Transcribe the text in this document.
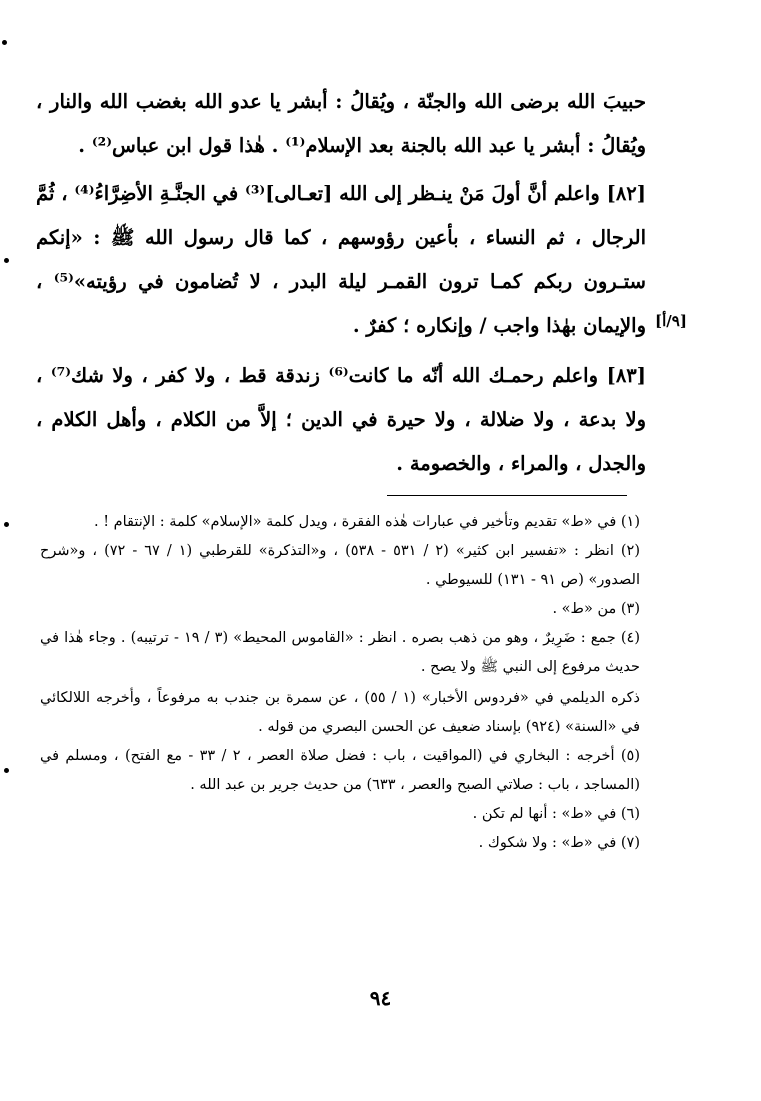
حبيبَ الله برضى الله والجنّة ، ويُقالُ : أبشر يا عدو الله بغضب الله والنار ، ويُقالُ : أبشر يا عبد الله بالجنة بعد الإسلام⁽¹⁾ . هٰذا قول ابن عباس⁽²⁾ .

[٨٢] واعلم أنَّ أولَ مَنْ ينـظر إلى الله [تعـالى]⁽³⁾ في الجنَّـةِ الأضِرَّاءُ⁽⁴⁾ ، ثُمَّ الرجال ، ثم النساء ، بأعين رؤوسهم ، كما قال رسول الله ﷺ : «إنكم ستـرون ربكم كمـا ترون القمـر ليلة البدر ، لا تُضامون في رؤيته»⁽⁵⁾ ، والإيمان بهٰذا واجب / وإنكاره ؛ كفرٌ .

[٨٣] واعلم رحمـك الله أنّه ما كانت⁽⁶⁾ زندقة قط ، ولا كفر ، ولا شك⁽⁷⁾ ، ولا بدعة ، ولا ضلالة ، ولا حيرة في الدين ؛ إلاَّ من الكلام ، وأهل الكلام ، والجدل ، والمراء ، والخصومة .

[٩/أ]

(١) في «ط» تقديم وتأخير في عبارات هٰذه الفقرة ، ويدل كلمة «الإسلام» كلمة : الإنتقام ! .

(٢) انظر : «تفسير ابن كثير» (٢ / ٥٣١ - ٥٣٨) ، و«التذكرة» للقرطبي (١ / ٦٧ - ٧٢) ، و«شرح الصدور» (ص ٩١ - ١٣١) للسيوطي .

(٣) من «ط» .

(٤) جمع : ضَرِيرٌ ، وهو من ذهب بصره . انظر : «القاموس المحيط» (٣ / ١٩ - ترتيبه) . وجاء هٰذا في حديث مرفوع إلى النبي ﷺ ولا يصح .

ذكره الديلمي في «فردوس الأخبار» (١ / ٥٥) ، عن سمرة بن جندب به مرفوعاً ، وأخرجه اللالكائي في «السنة» (٩٢٤) بإسناد ضعيف عن الحسن البصري من قوله .

(٥) أخرجه : البخاري في (المواقيت ، باب : فضل صلاة العصر ، ٢ / ٣٣ - مع الفتح) ، ومسلم في (المساجد ، باب : صلاتي الصبح والعصر ، ٦٣٣) من حديث جرير بن عبد الله .

(٦) في «ط» : أنها لم تكن .

(٧) في «ط» : ولا شكوك .

٩٤
